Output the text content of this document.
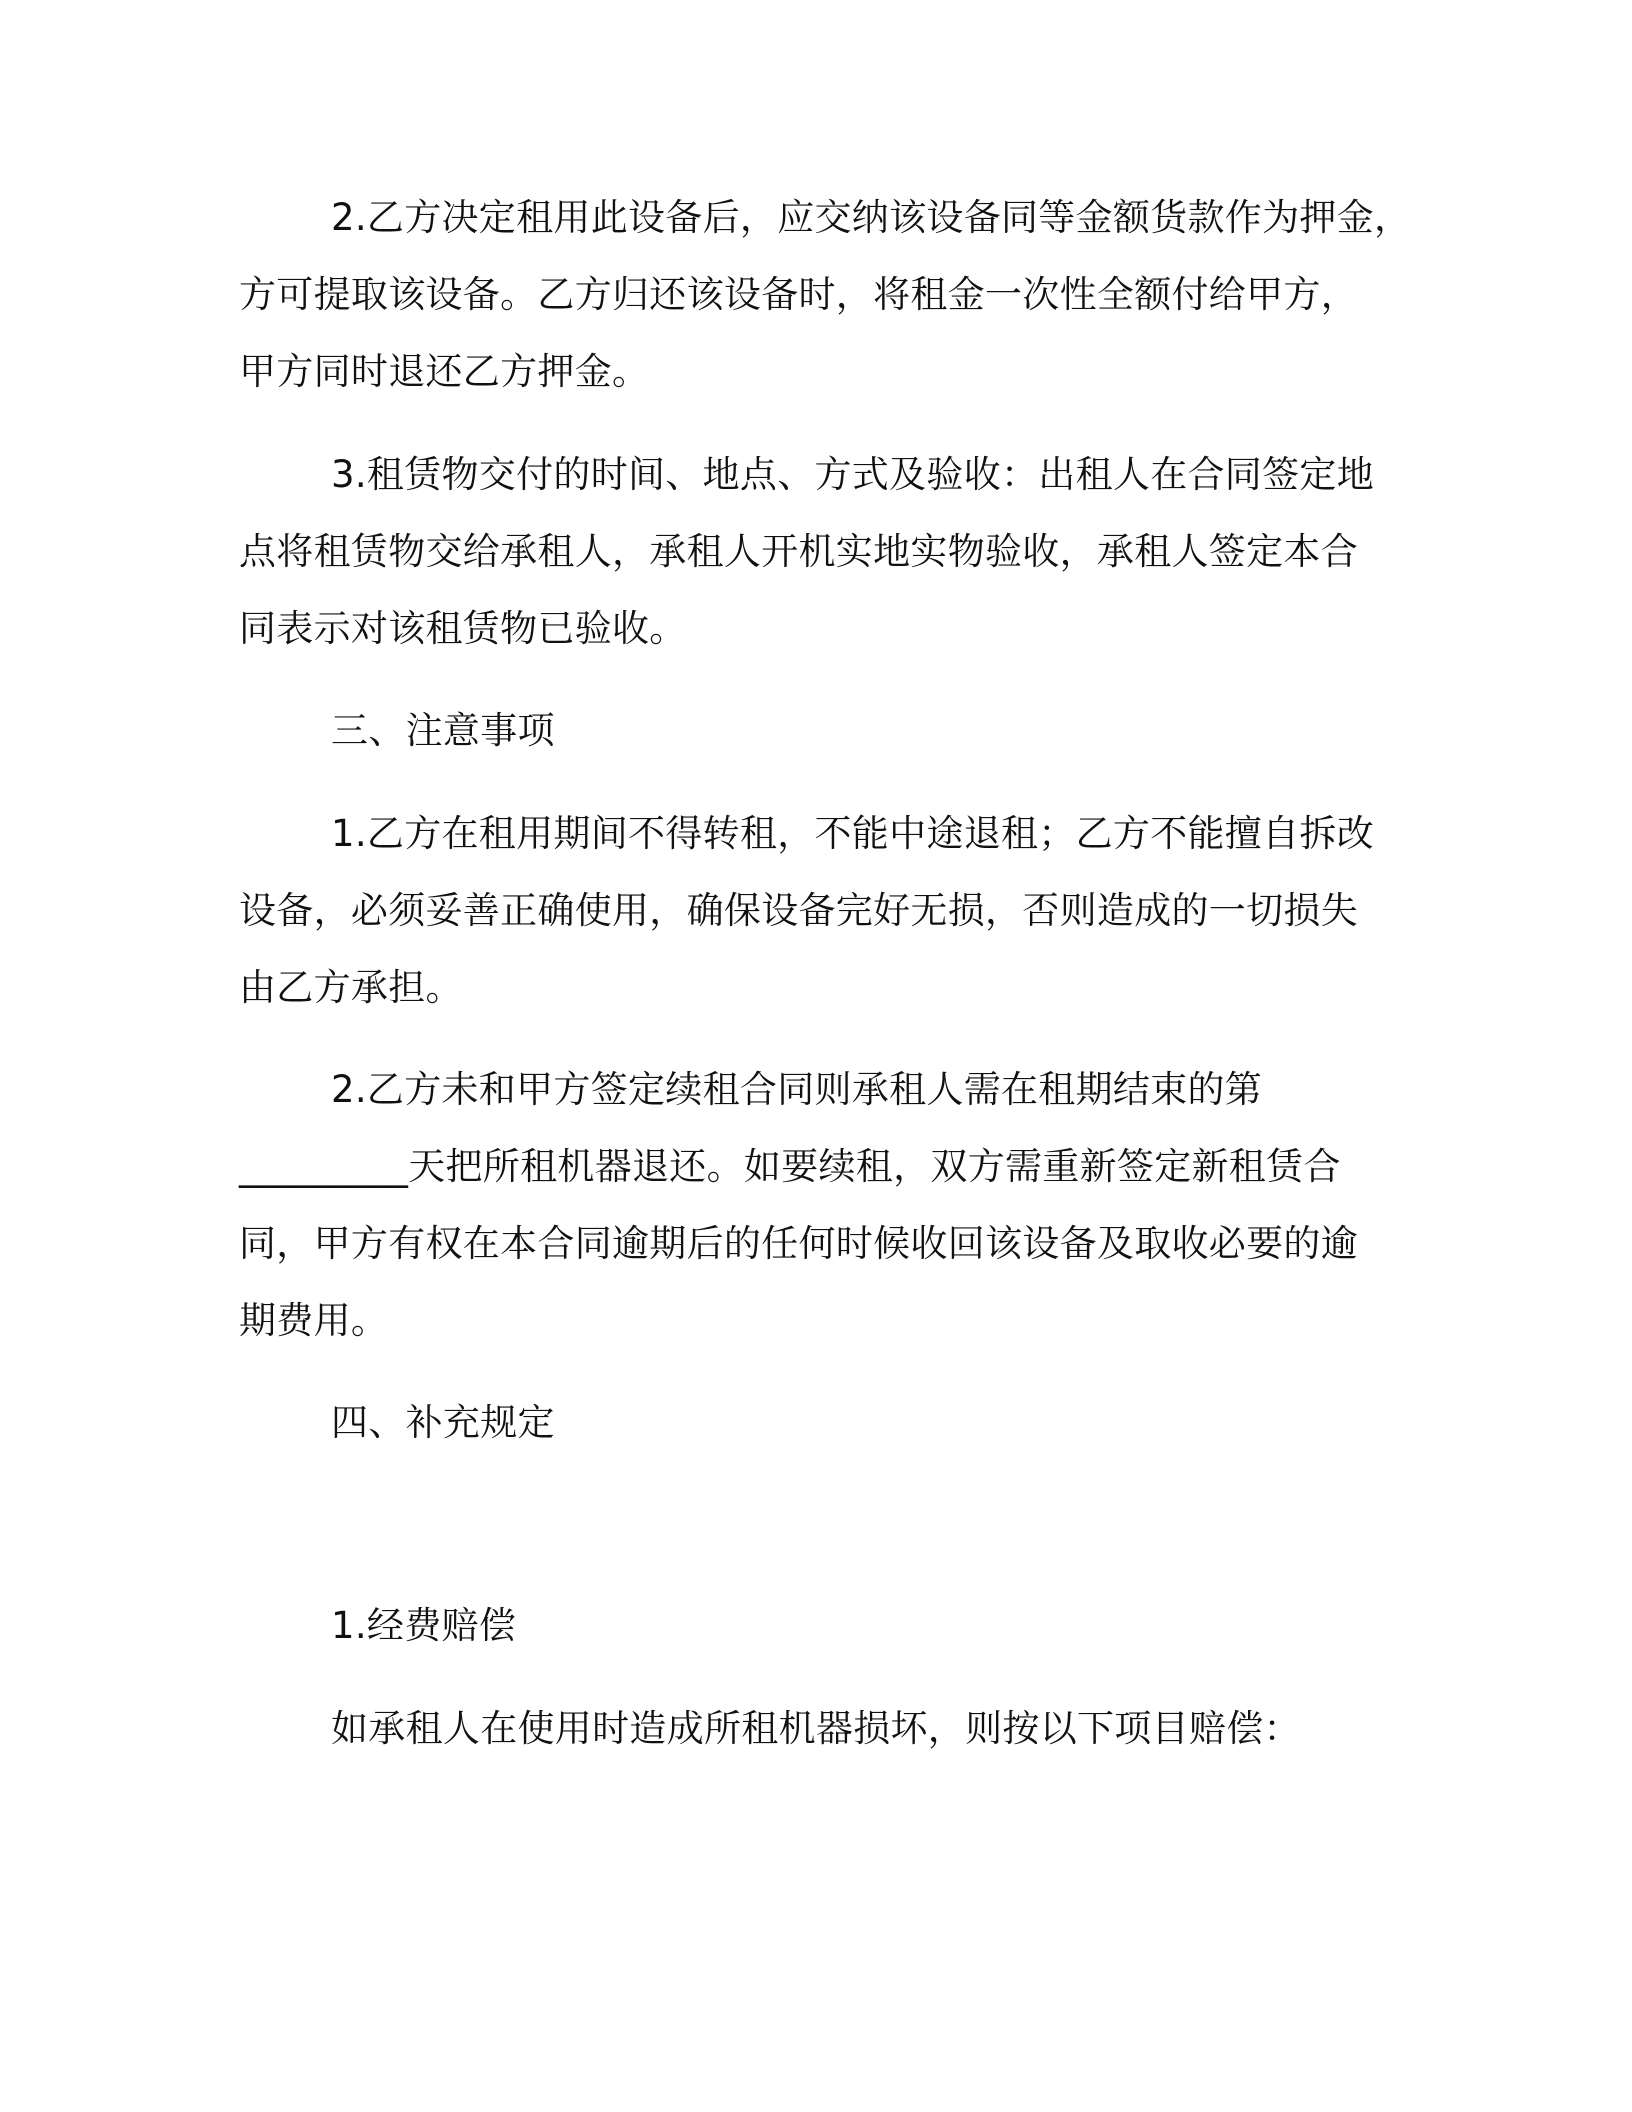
2.乙方决定租用此设备后，应交纳该设备同等金额货款作为押金，
方可提取该设备。乙方归还该设备时，将租金一次性全额付给甲方，
甲方同时退还乙方押金。
3.租赁物交付的时间、地点、方式及验收：出租人在合同签定地
点将租赁物交给承租人，承租人开机实地实物验收，承租人签定本合
同表示对该租赁物已验收。
三、注意事项
1.乙方在租用期间不得转租，不能中途退租；乙方不能擅自拆改
设备，必须妥善正确使用，确保设备完好无损，否则造成的一切损失
由乙方承担。
2.乙方未和甲方签定续租合同则承租人需在租期结束的第
_________天把所租机器退还。如要续租，双方需重新签定新租赁合
同，甲方有权在本合同逾期后的任何时候收回该设备及取收必要的逾
期费用。
四、补充规定
1.经费赔偿
如承租人在使用时造成所租机器损坏，则按以下项目赔偿：
